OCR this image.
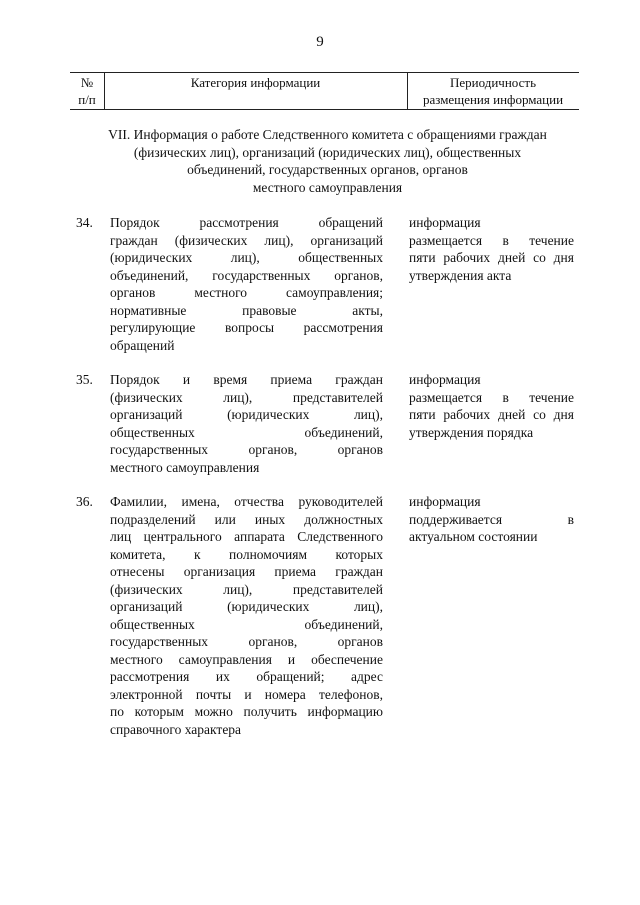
9
№
п/п
Категория информации	Периодичность
размещения информации
VII. Информация о работе Следственного комитета с обращениями граждан
(физических лиц), организаций (юридических лиц), общественных
объединений, государственных органов, органов
местного самоуправления
34. Порядок рассмотрения обращений
граждан (физических лиц), организаций
(юридических лиц), общественных
объединений, государственных органов,
органов местного самоуправления;
нормативные правовые акты,
регулирующие вопросы рассмотрения
обращений
информация
размещается в течение
пяти рабочих дней со дня
утверждения акта
35. Порядок и время приема граждан
(физических лиц), представителей
организаций (юридических лиц),
общественных объединений,
государственных органов, органов
местного самоуправления
информация
размещается в течение
пяти рабочих дней со дня
утверждения порядка
36. Фамилии, имена, отчества руководителей
подразделений или иных должностных
лиц центрального аппарата Следственного
комитета, к полномочиям которых
отнесены организация приема граждан
(физических лиц), представителей
организаций (юридических лиц),
общественных объединений,
государственных органов, органов
местного самоуправления и обеспечение
рассмотрения их обращений; адрес
электронной почты и номера телефонов,
по которым можно получить информацию
справочного характера
информация
поддерживается в
актуальном состоянии
